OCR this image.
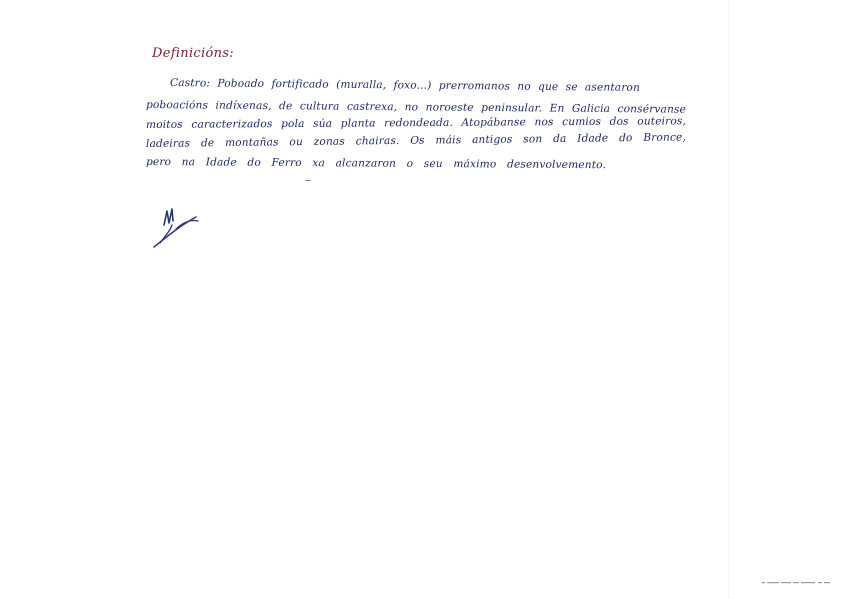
Definicións:
Castro: Poboado fortificado (muralla, foxo...) prerromanos no que se asentaron
poboacións indíxenas, de cultura castrexa, no noroeste peninsular. En Galicia consérvanse
moitos caracterizados pola súa planta redondeada. Atopábanse nos cumios dos outeiros,
ladeiras de montañas ou zonas chairas. Os máis antigos son da Idade do Bronce,
pero na Idade do Ferro xa alcanzaron o seu máximo desenvolvemento.
